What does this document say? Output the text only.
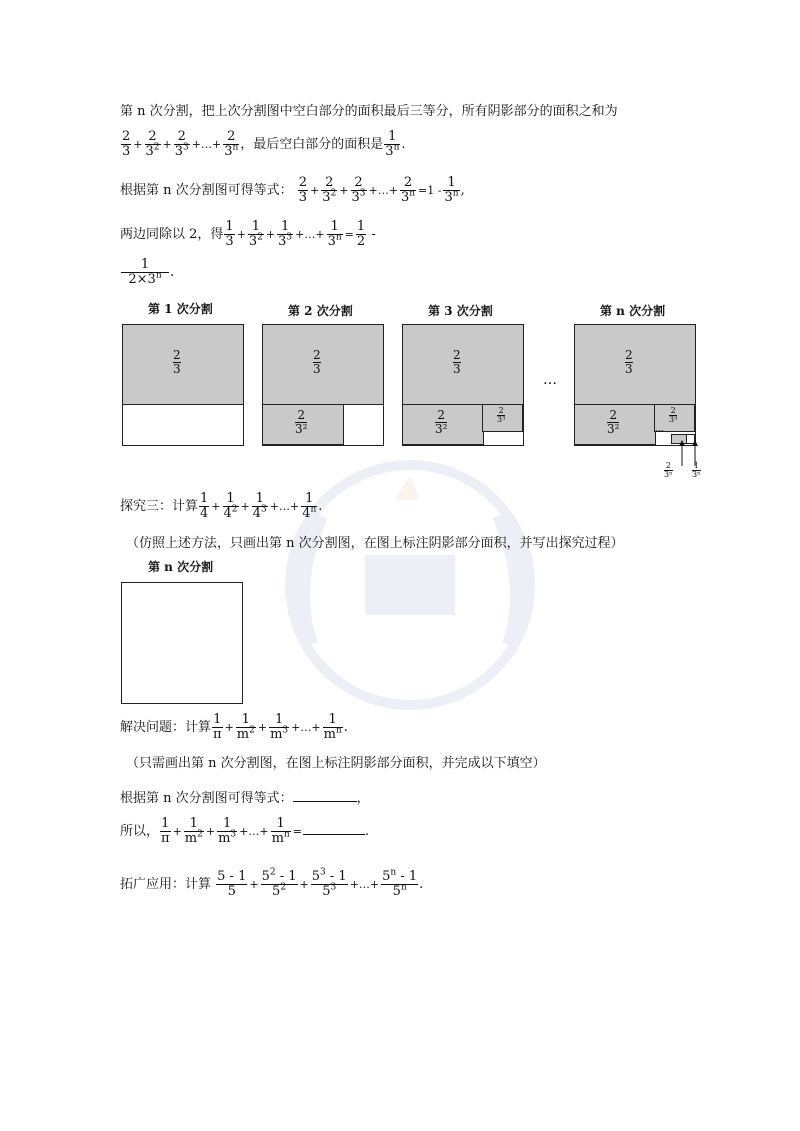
第 n 次分割，把上次分割图中空白部分的面积最后三等分，所有阴影部分的面积之和为
$\frac{2}{3} + \frac{2}{3^2} + \frac{2}{3^3}$ +…+ $\frac{2}{3^n}$ ，最后空白部分的面积是 $\frac{1}{3^n}$ .
根据第 n 次分割图可得等式： $\frac{2}{3} + \frac{2}{3^2} + \frac{2}{3^3}$ +…+ $\frac{2}{3^n} =1 - \frac{1}{3^n}$ ,
两边同除以 2，得 $\frac{1}{3} + \frac{1}{3^2} + \frac{1}{3^3}$ +…+ $\frac{1}{3^n} = \frac{1}{2}$ -
$\frac{1}{2\times 3^n}$ .
第 1 次分割	第 2 次分割	第 3 次分割	第 n 次分割
2
3
2
3
2
3²
2
3
2
3²
2
3³
…
2
3
2
3²
2
3³
…
2
3ⁿ
1
3ⁿ
探究三：计算 $\frac{1}{4} + \frac{1}{4^2} + \frac{1}{4^3}$ +…+ $\frac{1}{4^n}$ .
（仿照上述方法，只画出第 n 次分割图，在图上标注阴影部分面积，并写出探究过程）
第 n 次分割
解决问题：计算 $\frac{1}{\pi} + \frac{1}{m^2} + \frac{1}{m^3}$ +…+ $\frac{1}{m^n}$ .
（只需画出第 n 次分割图，在图上标注阴影部分面积，并完成以下填空）
根据第 n 次分割图可得等式：	，
所以， $\frac{1}{\pi} + \frac{1}{m^2} + \frac{1}{m^3}$ +…+ $\frac{1}{m^n}$ =	.
拓广应用：计算 $\frac{5 - 1}{5} + \frac{5^2 - 1}{5^2} + \frac{5^3 - 1}{5^3}$ +…+ $\frac{5^n - 1}{5^n}$ .
